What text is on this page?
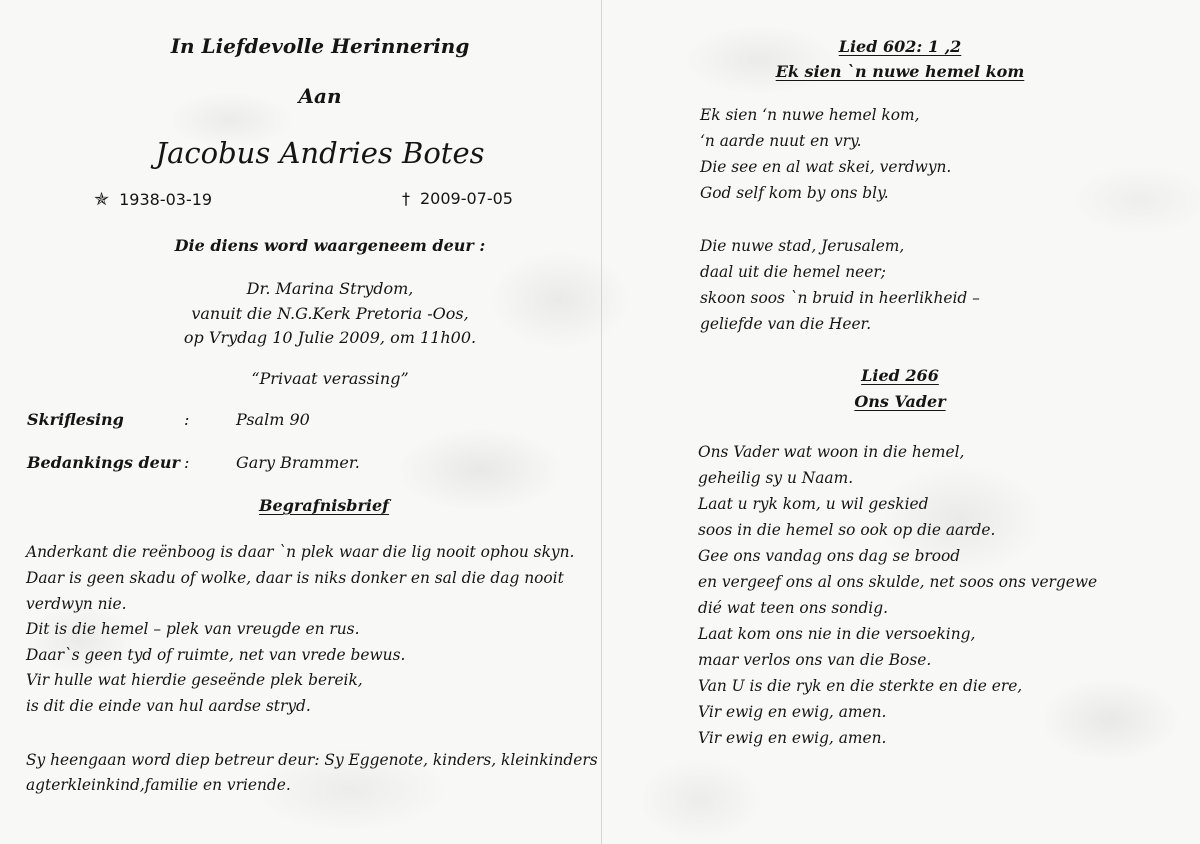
In Liefdevolle Herinnering
Aan
Jacobus Andries Botes
✯ 1938-03-19	† 2009-07-05
Die diens word waargeneem deur :
Dr. Marina Strydom,
vanuit die N.G.Kerk Pretoria -Oos,
op Vrydag 10 Julie 2009, om 11h00.
“Privaat verassing”
Skriflesing	:	Psalm 90
Bedankings deur :	Gary Brammer.
Begrafnisbrief
Anderkant die reënboog is daar `n plek waar die lig nooit ophou skyn.
Daar is geen skadu of wolke, daar is niks donker en sal die dag nooit
verdwyn nie.
Dit is die hemel – plek van vreugde en rus.
Daar`s geen tyd of ruimte, net van vrede bewus.
Vir hulle wat hierdie geseënde plek bereik,
is dit die einde van hul aardse stryd.
Sy heengaan word diep betreur deur: Sy Eggenote, kinders, kleinkinders
agterkleinkind,familie en vriende.
Lied 602: 1 ,2
Ek sien `n nuwe hemel kom
Ek sien ‘n nuwe hemel kom,
‘n aarde nuut en vry.
Die see en al wat skei, verdwyn.
God self kom by ons bly.
Die nuwe stad, Jerusalem,
daal uit die hemel neer;
skoon soos `n bruid in heerlikheid –
geliefde van die Heer.
Lied 266
Ons Vader
Ons Vader wat woon in die hemel,
geheilig sy u Naam.
Laat u ryk kom, u wil geskied
soos in die hemel so ook op die aarde.
Gee ons vandag ons dag se brood
en vergeef ons al ons skulde, net soos ons vergewe
dié wat teen ons sondig.
Laat kom ons nie in die versoeking,
maar verlos ons van die Bose.
Van U is die ryk en die sterkte en die ere,
Vir ewig en ewig, amen.
Vir ewig en ewig, amen.
